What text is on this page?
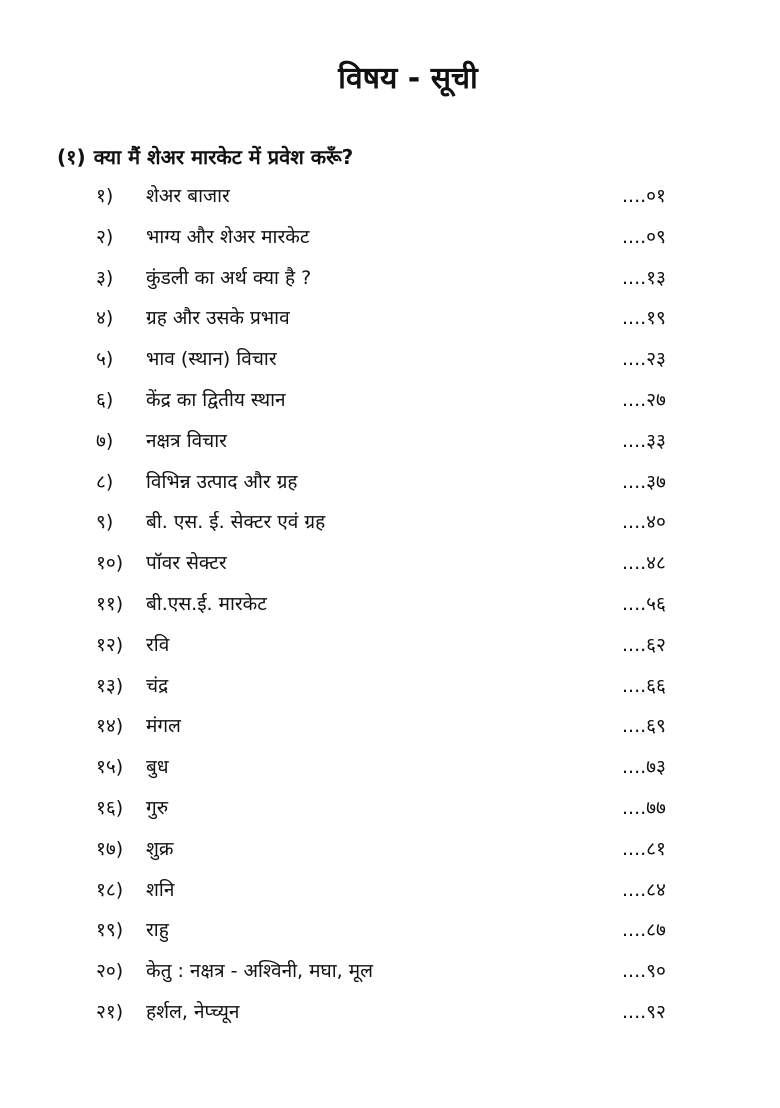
विषय - सूची
(१) क्या मैं शेअर मारकेट में प्रवेश करूँ?
१) शेअर बाजार	....०१
२) भाग्य और शेअर मारकेट	....०९
३) कुंडली का अर्थ क्या है ?	....१३
४) ग्रह और उसके प्रभाव	....१९
५) भाव (स्थान) विचार	....२३
६) केंद्र का द्वितीय स्थान	....२७
७) नक्षत्र विचार	....३३
८) विभिन्न उत्पाद और ग्रह	....३७
९) बी. एस. ई. सेक्टर एवं ग्रह	....४०
१०) पॉवर सेक्टर	....४८
११) बी.एस.ई. मारकेट	....५६
१२) रवि	....६२
१३) चंद्र	....६६
१४) मंगल	....६९
१५) बुध	....७३
१६) गुरु	....७७
१७) शुक्र	....८१
१८) शनि	....८४
१९) राहु	....८७
२०) केतु : नक्षत्र - अश्विनी, मघा, मूल	....९०
२१) हर्शल, नेप्च्यून	....९२
